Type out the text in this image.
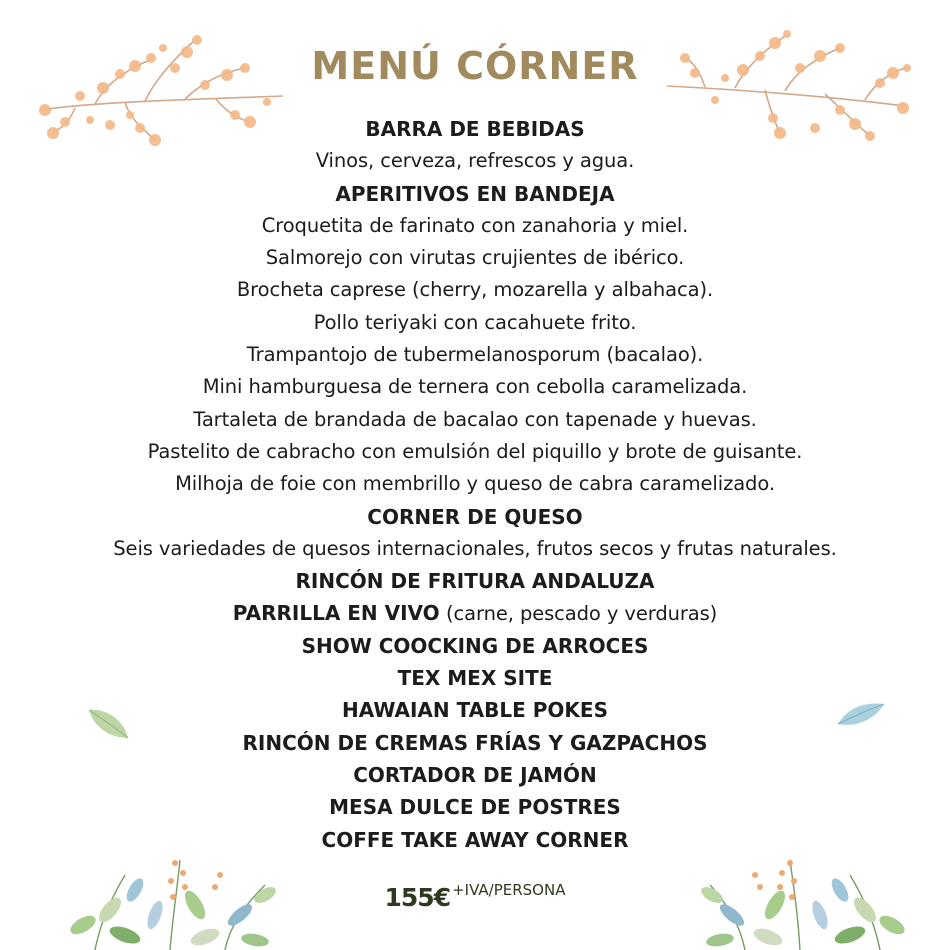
MENÚ CÓRNER
BARRA DE BEBIDAS
Vinos, cerveza, refrescos y agua.
APERITIVOS EN BANDEJA
Croquetita de farinato con zanahoria y miel.
Salmorejo con virutas crujientes de ibérico.
Brocheta caprese (cherry, mozarella y albahaca).
Pollo teriyaki con cacahuete frito.
Trampantojo de tubermelanosporum (bacalao).
Mini hamburguesa de ternera con cebolla caramelizada.
Tartaleta de brandada de bacalao con tapenade y huevas.
Pastelito de cabracho con emulsión del piquillo y brote de guisante.
Milhoja de foie con membrillo y queso de cabra caramelizado.
CORNER DE QUESO
Seis variedades de quesos internacionales, frutos secos y frutas naturales.
RINCÓN DE FRITURA ANDALUZA
PARRILLA EN VIVO (carne, pescado y verduras)
SHOW COOCKING DE ARROCES
TEX MEX SITE
HAWAIAN TABLE POKES
RINCÓN DE CREMAS FRÍAS Y GAZPACHOS
CORTADOR DE JAMÓN
MESA DULCE DE POSTRES
COFFE TAKE AWAY CORNER
155€ +IVA/PERSONA
